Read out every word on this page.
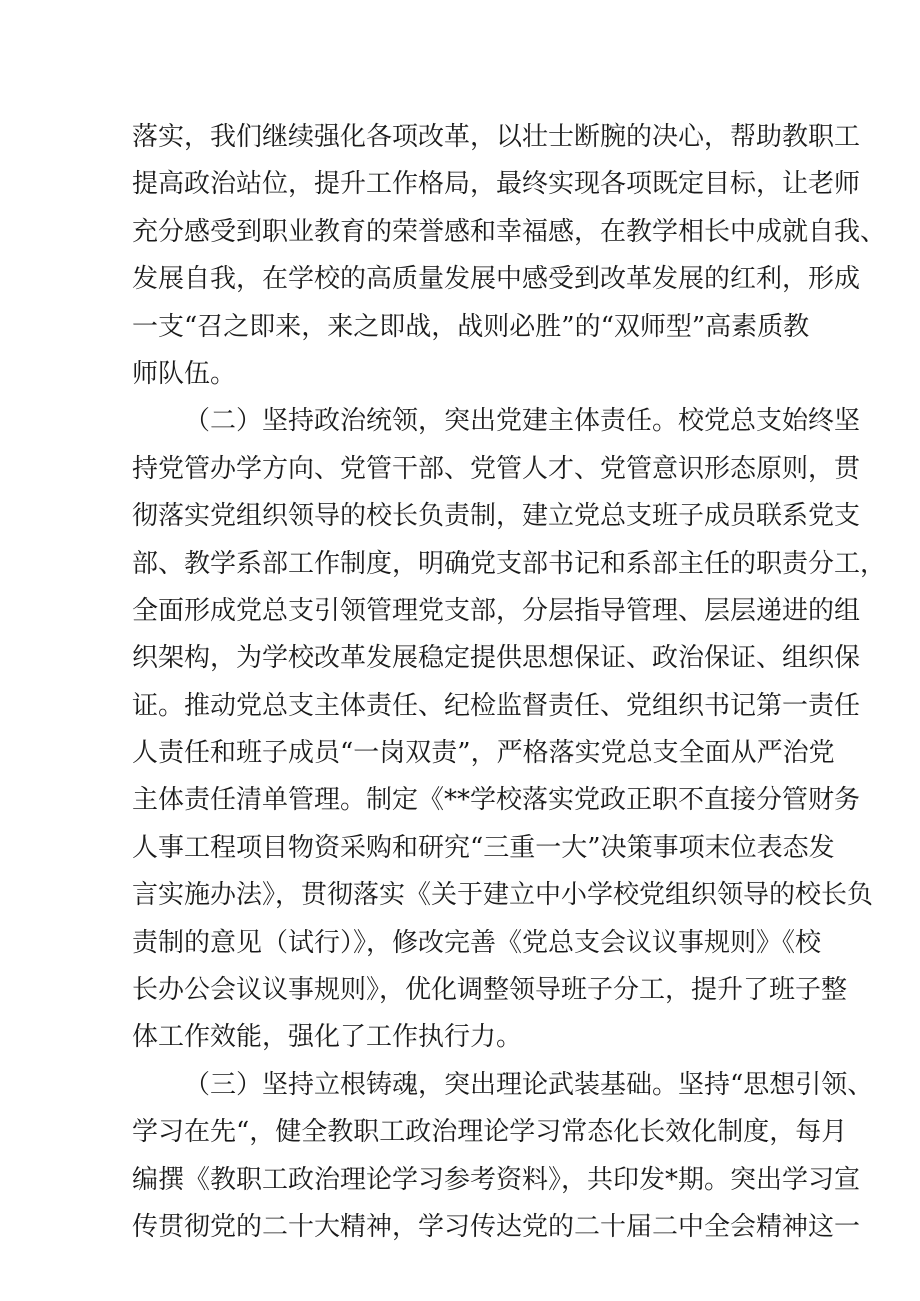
落实，我们继续强化各项改革，以壮士断腕的决心，帮助教职工
提高政治站位，提升工作格局，最终实现各项既定目标，让老师
充分感受到职业教育的荣誉感和幸福感，在教学相长中成就自我、
发展自我，在学校的高质量发展中感受到改革发展的红利，形成
一支“召之即来，来之即战，战则必胜”的“双师型”高素质教
师队伍。
（二）坚持政治统领，突出党建主体责任。校党总支始终坚
持党管办学方向、党管干部、党管人才、党管意识形态原则，贯
彻落实党组织领导的校长负责制，建立党总支班子成员联系党支
部、教学系部工作制度，明确党支部书记和系部主任的职责分工，
全面形成党总支引领管理党支部，分层指导管理、层层递进的组
织架构，为学校改革发展稳定提供思想保证、政治保证、组织保
证。推动党总支主体责任、纪检监督责任、党组织书记第一责任
人责任和班子成员“一岗双责”，严格落实党总支全面从严治党
主体责任清单管理。制定《**学校落实党政正职不直接分管财务
人事工程项目物资采购和研究“三重一大”决策事项末位表态发
言实施办法》，贯彻落实《关于建立中小学校党组织领导的校长负
责制的意见（试行）》，修改完善《党总支会议议事规则》《校
长办公会议议事规则》，优化调整领导班子分工，提升了班子整
体工作效能，强化了工作执行力。
（三）坚持立根铸魂，突出理论武装基础。坚持“思想引领、
学习在先“，健全教职工政治理论学习常态化长效化制度，每月
编撰《教职工政治理论学习参考资料》，共印发*期。突出学习宣
传贯彻党的二十大精神，学习传达党的二十届二中全会精神这一
